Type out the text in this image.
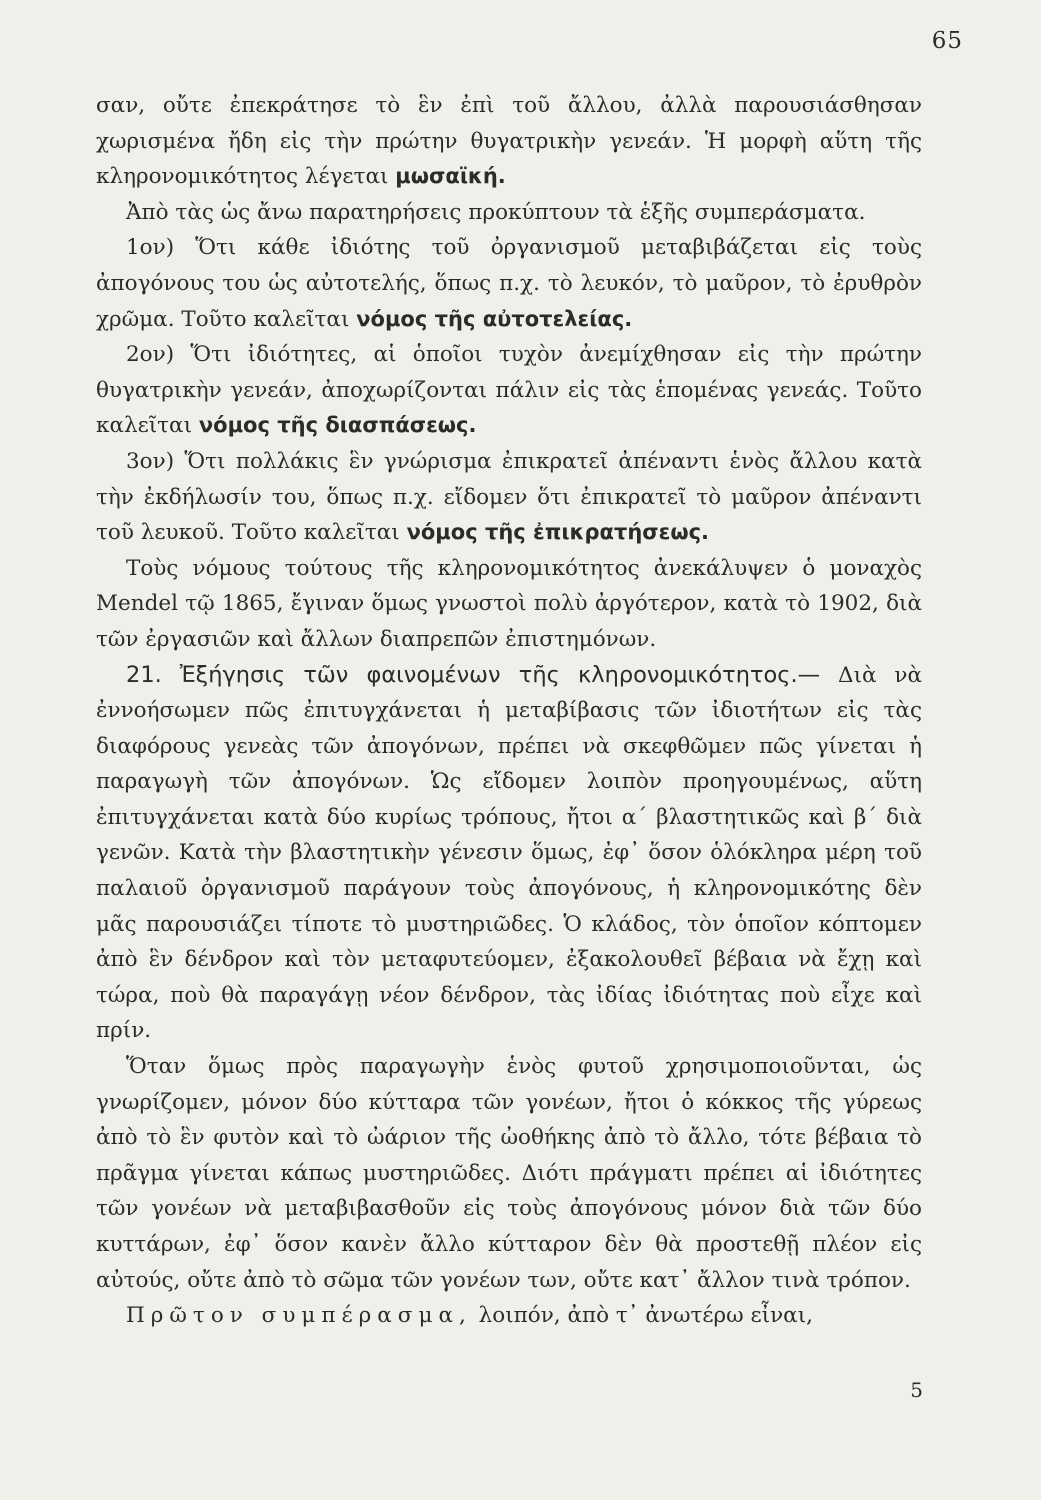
65

σαν, οὔτε ἐπεκράτησε τὸ ἓν ἐπὶ τοῦ ἄλλου, ἀλλὰ παρουσιάσθησαν χωρισμένα ἤδη εἰς τὴν πρώτην θυγατρικὴν γενεάν. Ἡ μορφὴ αὕτη τῆς κληρονομικότητος λέγεται μωσαϊκή.

Ἀπὸ τὰς ὡς ἄνω παρατηρήσεις προκύπτουν τὰ ἑξῆς συμπεράσματα.

1ον) Ὅτι κάθε ἰδιότης τοῦ ὀργανισμοῦ μεταβιβάζεται εἰς τοὺς ἀπογόνους του ὡς αὐτοτελής, ὅπως π.χ. τὸ λευκόν, τὸ μαῦρον, τὸ ἐρυθρὸν χρῶμα. Τοῦτο καλεῖται νόμος τῆς αὐτοτελείας.

2ον) Ὅτι ἰδιότητες, αἱ ὁποῖοι τυχὸν ἀνεμίχθησαν εἰς τὴν πρώτην θυγατρικὴν γενεάν, ἀποχωρίζονται πάλιν εἰς τὰς ἑπομένας γενεάς. Τοῦτο καλεῖται νόμος τῆς διασπάσεως.

3ον) Ὅτι πολλάκις ἓν γνώρισμα ἐπικρατεῖ ἀπέναντι ἑνὸς ἄλλου κατὰ τὴν ἐκδήλωσίν του, ὅπως π.χ. εἴδομεν ὅτι ἐπικρατεῖ τὸ μαῦρον ἀπέναντι τοῦ λευκοῦ. Τοῦτο καλεῖται νόμος τῆς ἐπικρατήσεως.

Τοὺς νόμους τούτους τῆς κληρονομικότητος ἀνεκάλυψεν ὁ μοναχὸς Mendel τῷ 1865, ἔγιναν ὅμως γνωστοὶ πολὺ ἀργότερον, κατὰ τὸ 1902, διὰ τῶν ἐργασιῶν καὶ ἄλλων διαπρεπῶν ἐπιστημόνων.

21. Ἐξήγησις τῶν φαινομένων τῆς κληρονομικότητος.— Διὰ νὰ ἐννοήσωμεν πῶς ἐπιτυγχάνεται ἡ μεταβίβασις τῶν ἰδιοτήτων εἰς τὰς διαφόρους γενεὰς τῶν ἀπογόνων, πρέπει νὰ σκεφθῶμεν πῶς γίνεται ἡ παραγωγὴ τῶν ἀπογόνων. Ὡς εἴδομεν λοιπὸν προηγουμένως, αὕτη ἐπιτυγχάνεται κατὰ δύο κυρίως τρόπους, ἤτοι α΄ βλαστητικῶς καὶ β΄ διὰ γενῶν. Κατὰ τὴν βλαστητικὴν γένεσιν ὅμως, ἐφ᾿ ὅσον ὁλόκληρα μέρη τοῦ παλαιοῦ ὀργανισμοῦ παράγουν τοὺς ἀπογόνους, ἡ κληρονομικότης δὲν μᾶς παρουσιάζει τίποτε τὸ μυστηριῶδες. Ὁ κλάδος, τὸν ὁποῖον κόπτομεν ἀπὸ ἓν δένδρον καὶ τὸν μεταφυτεύομεν, ἐξακολουθεῖ βέβαια νὰ ἔχῃ καὶ τώρα, ποὺ θὰ παραγάγῃ νέον δένδρον, τὰς ἰδίας ἰδιότητας ποὺ εἶχε καὶ πρίν.

Ὅταν ὅμως πρὸς παραγωγὴν ἑνὸς φυτοῦ χρησιμοποιοῦνται, ὡς γνωρίζομεν, μόνον δύο κύτταρα τῶν γονέων, ἤτοι ὁ κόκκος τῆς γύρεως ἀπὸ τὸ ἓν φυτὸν καὶ τὸ ὠάριον τῆς ὠοθήκης ἀπὸ τὸ ἄλλο, τότε βέβαια τὸ πρᾶγμα γίνεται κάπως μυστηριῶδες. Διότι πράγματι πρέπει αἱ ἰδιότητες τῶν γονέων νὰ μεταβιβασθοῦν εἰς τοὺς ἀπογόνους μόνον διὰ τῶν δύο κυττάρων, ἐφ᾿ ὅσον κανὲν ἄλλο κύτταρον δὲν θὰ προστεθῇ πλέον εἰς αὐτούς, οὔτε ἀπὸ τὸ σῶμα τῶν γονέων των, οὔτε κατ᾿ ἄλλον τινὰ τρόπον.

Πρῶτον συμπέρασμα, λοιπόν, ἀπὸ τ᾿ ἀνωτέρω εἶναι,

5
